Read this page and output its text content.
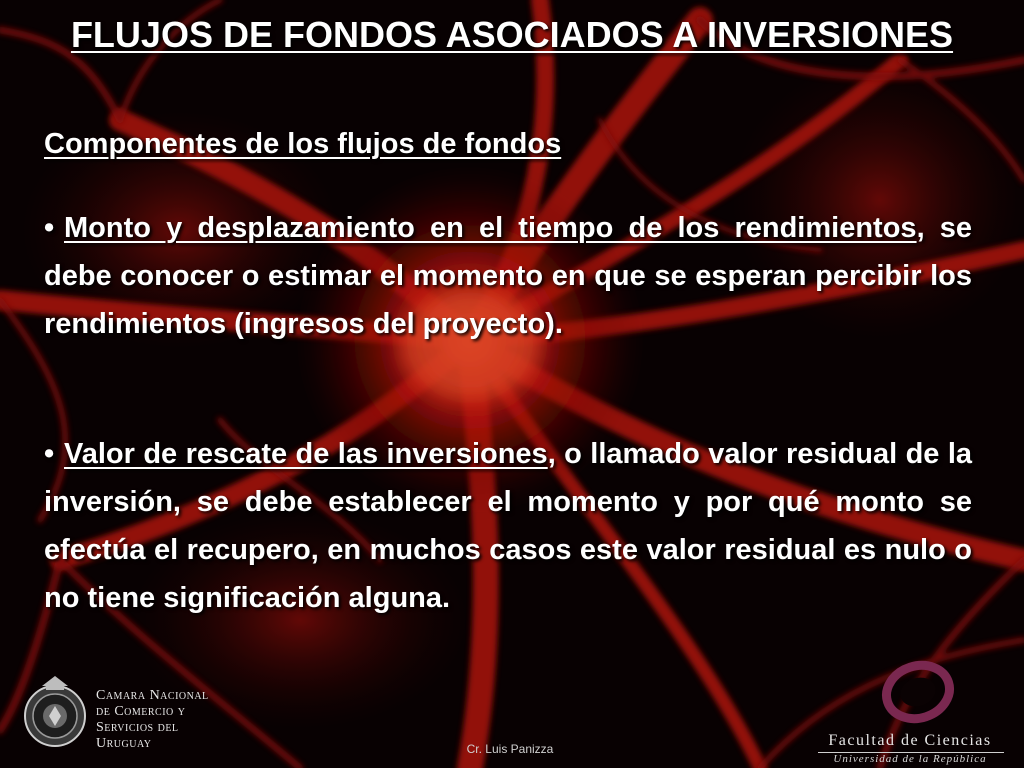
FLUJOS DE FONDOS ASOCIADOS A INVERSIONES
Componentes de los flujos de fondos
• Monto y desplazamiento en el tiempo de los rendimientos, se debe conocer o estimar el momento en que se esperan percibir los rendimientos (ingresos del proyecto).
• Valor de rescate de las inversiones, o llamado valor residual de la inversión, se debe establecer el momento y por qué monto se efectúa el recupero, en muchos casos este valor residual es nulo o no tiene significación alguna.
Camara Nacional
de Comercio y
Servicios del
Uruguay	Cr. Luis Panizza	Facultad de Ciencias
Universidad de la República
